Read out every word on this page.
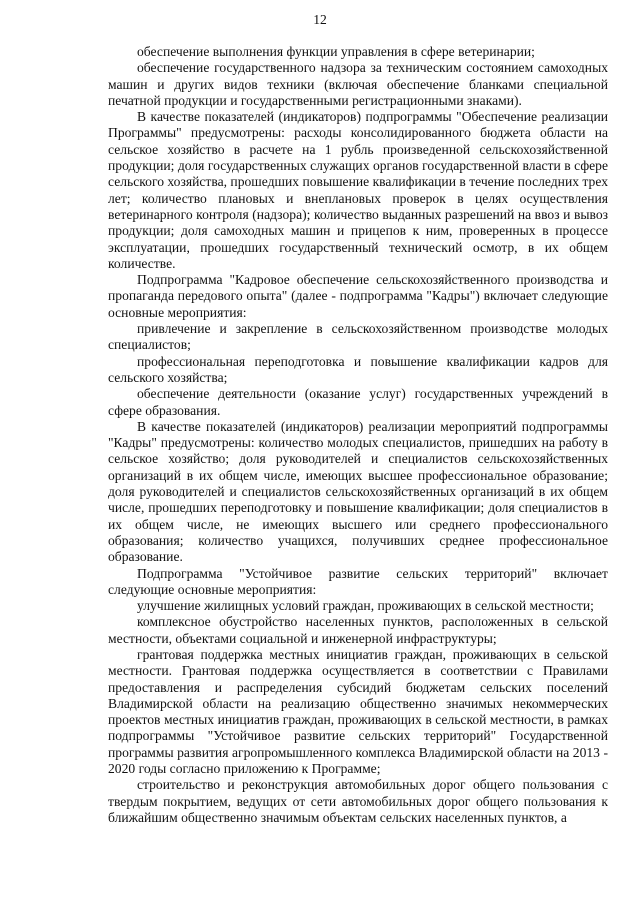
12

обеспечение выполнения функции управления в сфере ветеринарии;

обеспечение государственного надзора за техническим состоянием самоходных машин и других видов техники (включая обеспечение бланками специальной печатной продукции и государственными регистрационными знаками).

В качестве показателей (индикаторов) подпрограммы "Обеспечение реализации Программы" предусмотрены: расходы консолидированного бюджета области на сельское хозяйство в расчете на 1 рубль произведенной сельскохозяйственной продукции; доля государственных служащих органов государственной власти в сфере сельского хозяйства, прошедших повышение квалификации в течение последних трех лет; количество плановых и внеплановых проверок в целях осуществления ветеринарного контроля (надзора); количество выданных разрешений на ввоз и вывоз продукции; доля самоходных машин и прицепов к ним, проверенных в процессе эксплуатации, прошедших государственный технический осмотр, в их общем количестве.

Подпрограмма "Кадровое обеспечение сельскохозяйственного производства и пропаганда передового опыта" (далее - подпрограмма "Кадры") включает следующие основные мероприятия:

привлечение и закрепление в сельскохозяйственном производстве молодых специалистов;

профессиональная переподготовка и повышение квалификации кадров для сельского хозяйства;

обеспечение деятельности (оказание услуг) государственных учреждений в сфере образования.

В качестве показателей (индикаторов) реализации мероприятий подпрограммы "Кадры" предусмотрены: количество молодых специалистов, пришедших на работу в сельское хозяйство; доля руководителей и специалистов сельскохозяйственных организаций в их общем числе, имеющих высшее профессиональное образование; доля руководителей и специалистов сельскохозяйственных организаций в их общем числе, прошедших переподготовку и повышение квалификации; доля специалистов в их общем числе, не имеющих высшего или среднего профессионального образования; количество учащихся, получивших среднее профессиональное образование.

Подпрограмма "Устойчивое развитие сельских территорий" включает следующие основные мероприятия:

улучшение жилищных условий граждан, проживающих в сельской местности;

комплексное обустройство населенных пунктов, расположенных в сельской местности, объектами социальной и инженерной инфраструктуры;

грантовая поддержка местных инициатив граждан, проживающих в сельской местности. Грантовая поддержка осуществляется в соответствии с Правилами предоставления и распределения субсидий бюджетам сельских поселений Владимирской области на реализацию общественно значимых некоммерческих проектов местных инициатив граждан, проживающих в сельской местности, в рамках подпрограммы "Устойчивое развитие сельских территорий" Государственной программы развития агропромышленного комплекса Владимирской области на 2013 - 2020 годы согласно приложению к Программе;

строительство и реконструкция автомобильных дорог общего пользования с твердым покрытием, ведущих от сети автомобильных дорог общего пользования к ближайшим общественно значимым объектам сельских населенных пунктов, а
